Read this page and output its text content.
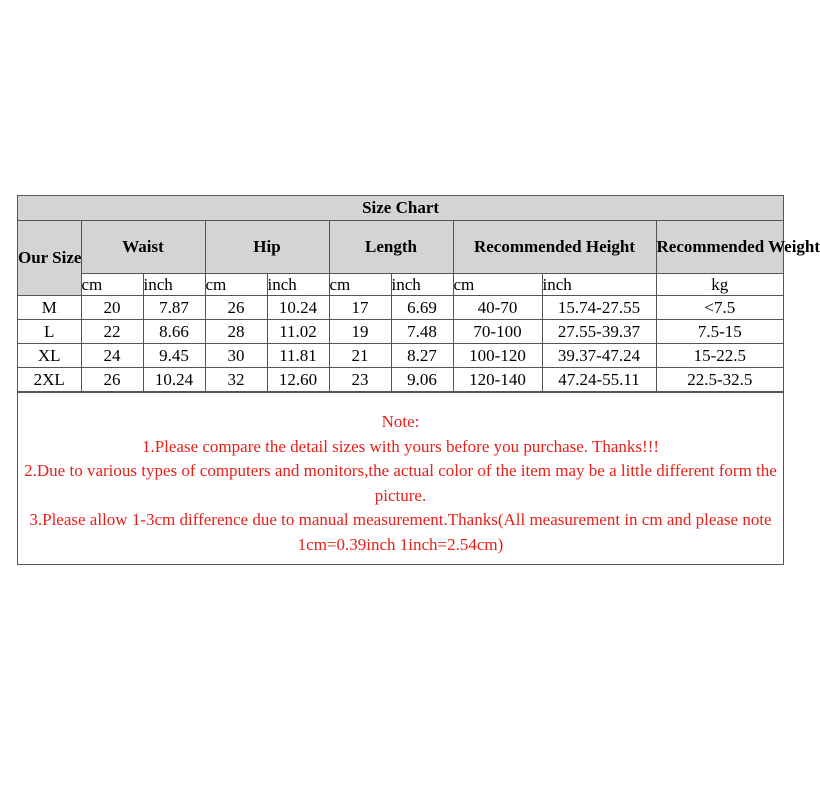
Size Chart									
Our Size	Waist		Hip		Length		Recommended Height		Recommended Weight
	cm	inch	cm	inch	cm	inch	cm	inch	kg
M	20	7.87	26	10.24	17	6.69	40-70	15.74-27.55	<7.5
L	22	8.66	28	11.02	19	7.48	70-100	27.55-39.37	7.5-15
XL	24	9.45	30	11.81	21	8.27	100-120	39.37-47.24	15-22.5
2XL	26	10.24	32	12.60	23	9.06	120-140	47.24-55.11	22.5-32.5

Note:

1.Please compare the detail sizes with yours before you purchase. Thanks!!!

2.Due to various types of computers and monitors,the actual color of the item may be a little different form the picture.

3.Please allow 1-3cm difference due to manual measurement.Thanks(All measurement in cm and please note 1cm=0.39inch 1inch=2.54cm)
